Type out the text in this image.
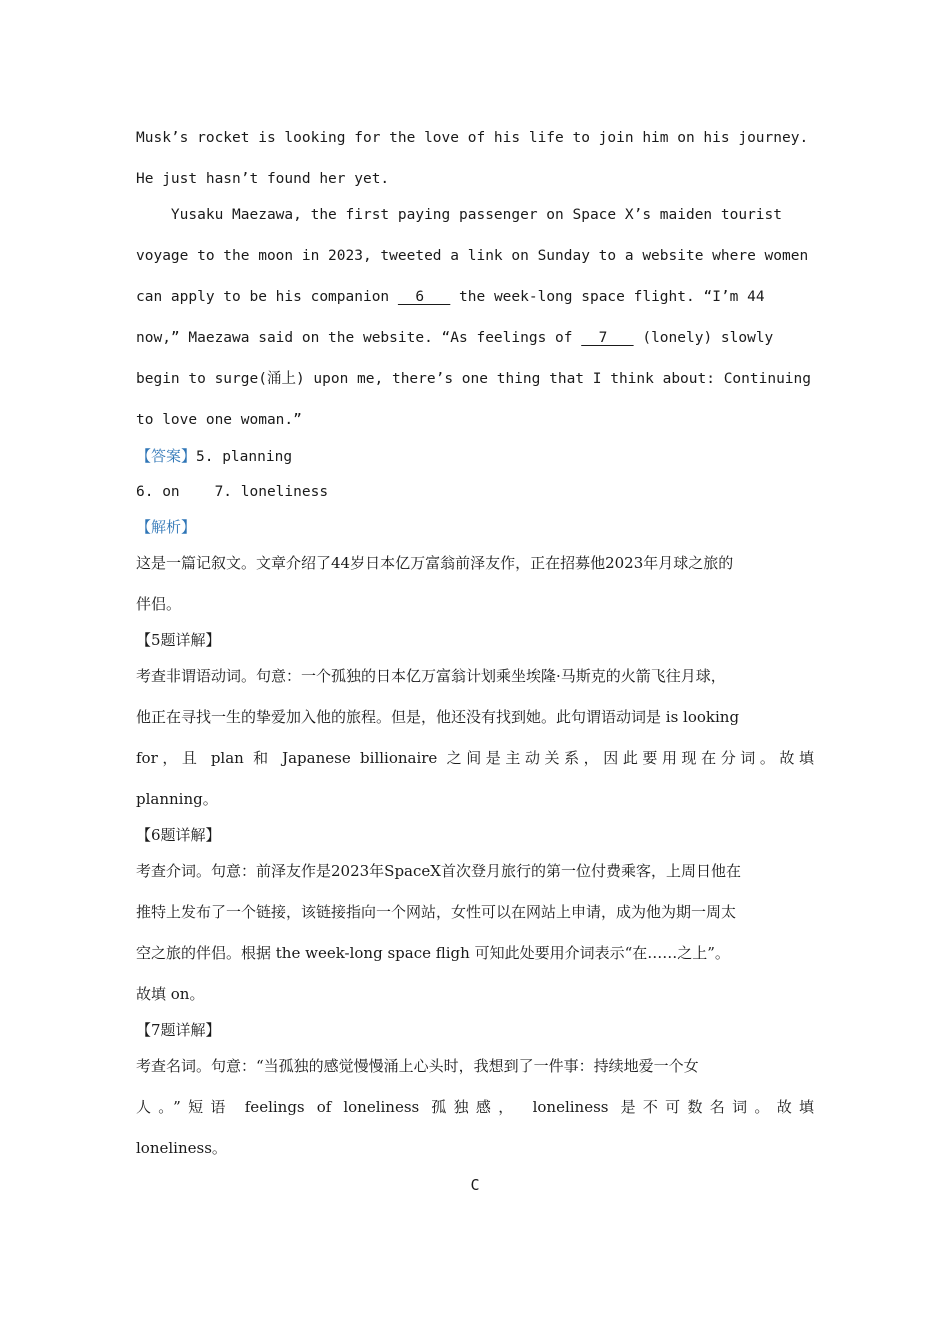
Musk’s rocket is looking for the love of his life to join him on his journey.
He just hasn’t found her yet.
Yusaku Maezawa, the first paying passenger on Space X’s maiden tourist
voyage to the moon in 2023, tweeted a link on Sunday to a website where women
can apply to be his companion   6    the week-long space flight. “I’m 44
now,” Maezawa said on the website. “As feelings of   7    (lonely) slowly
begin to surge(涌上) upon me, there’s one thing that I think about: Continuing
to love one woman.”
【答案】5. planning
6. on    7. loneliness
【解析】
这是一篇记叙文。文章介绍了44岁日本亿万富翁前泽友作，正在招募他2023年月球之旅的
伴侣。
【5题详解】
考查非谓语动词。句意：一个孤独的日本亿万富翁计划乘坐埃隆·马斯克的火箭飞往月球，
他正在寻找一生的挚爱加入他的旅程。但是，他还没有找到她。此句谓语动词是 is looking
for，且 plan 和 Japanese billionaire 之间是主动关系，因此要用现在分词。故填
planning。
【6题详解】
考查介词。句意：前泽友作是2023年SpaceX首次登月旅行的第一位付费乘客，上周日他在
推特上发布了一个链接，该链接指向一个网站，女性可以在网站上申请，成为他为期一周太
空之旅的伴侣。根据 the week-long space fligh 可知此处要用介词表示“在……之上”。
故填 on。
【7题详解】
考查名词。句意：“当孤独的感觉慢慢涌上心头时，我想到了一件事：持续地爱一个女
人。”短语 feelings of loneliness 孤独感， loneliness 是不可数名词。故填
loneliness。
C
